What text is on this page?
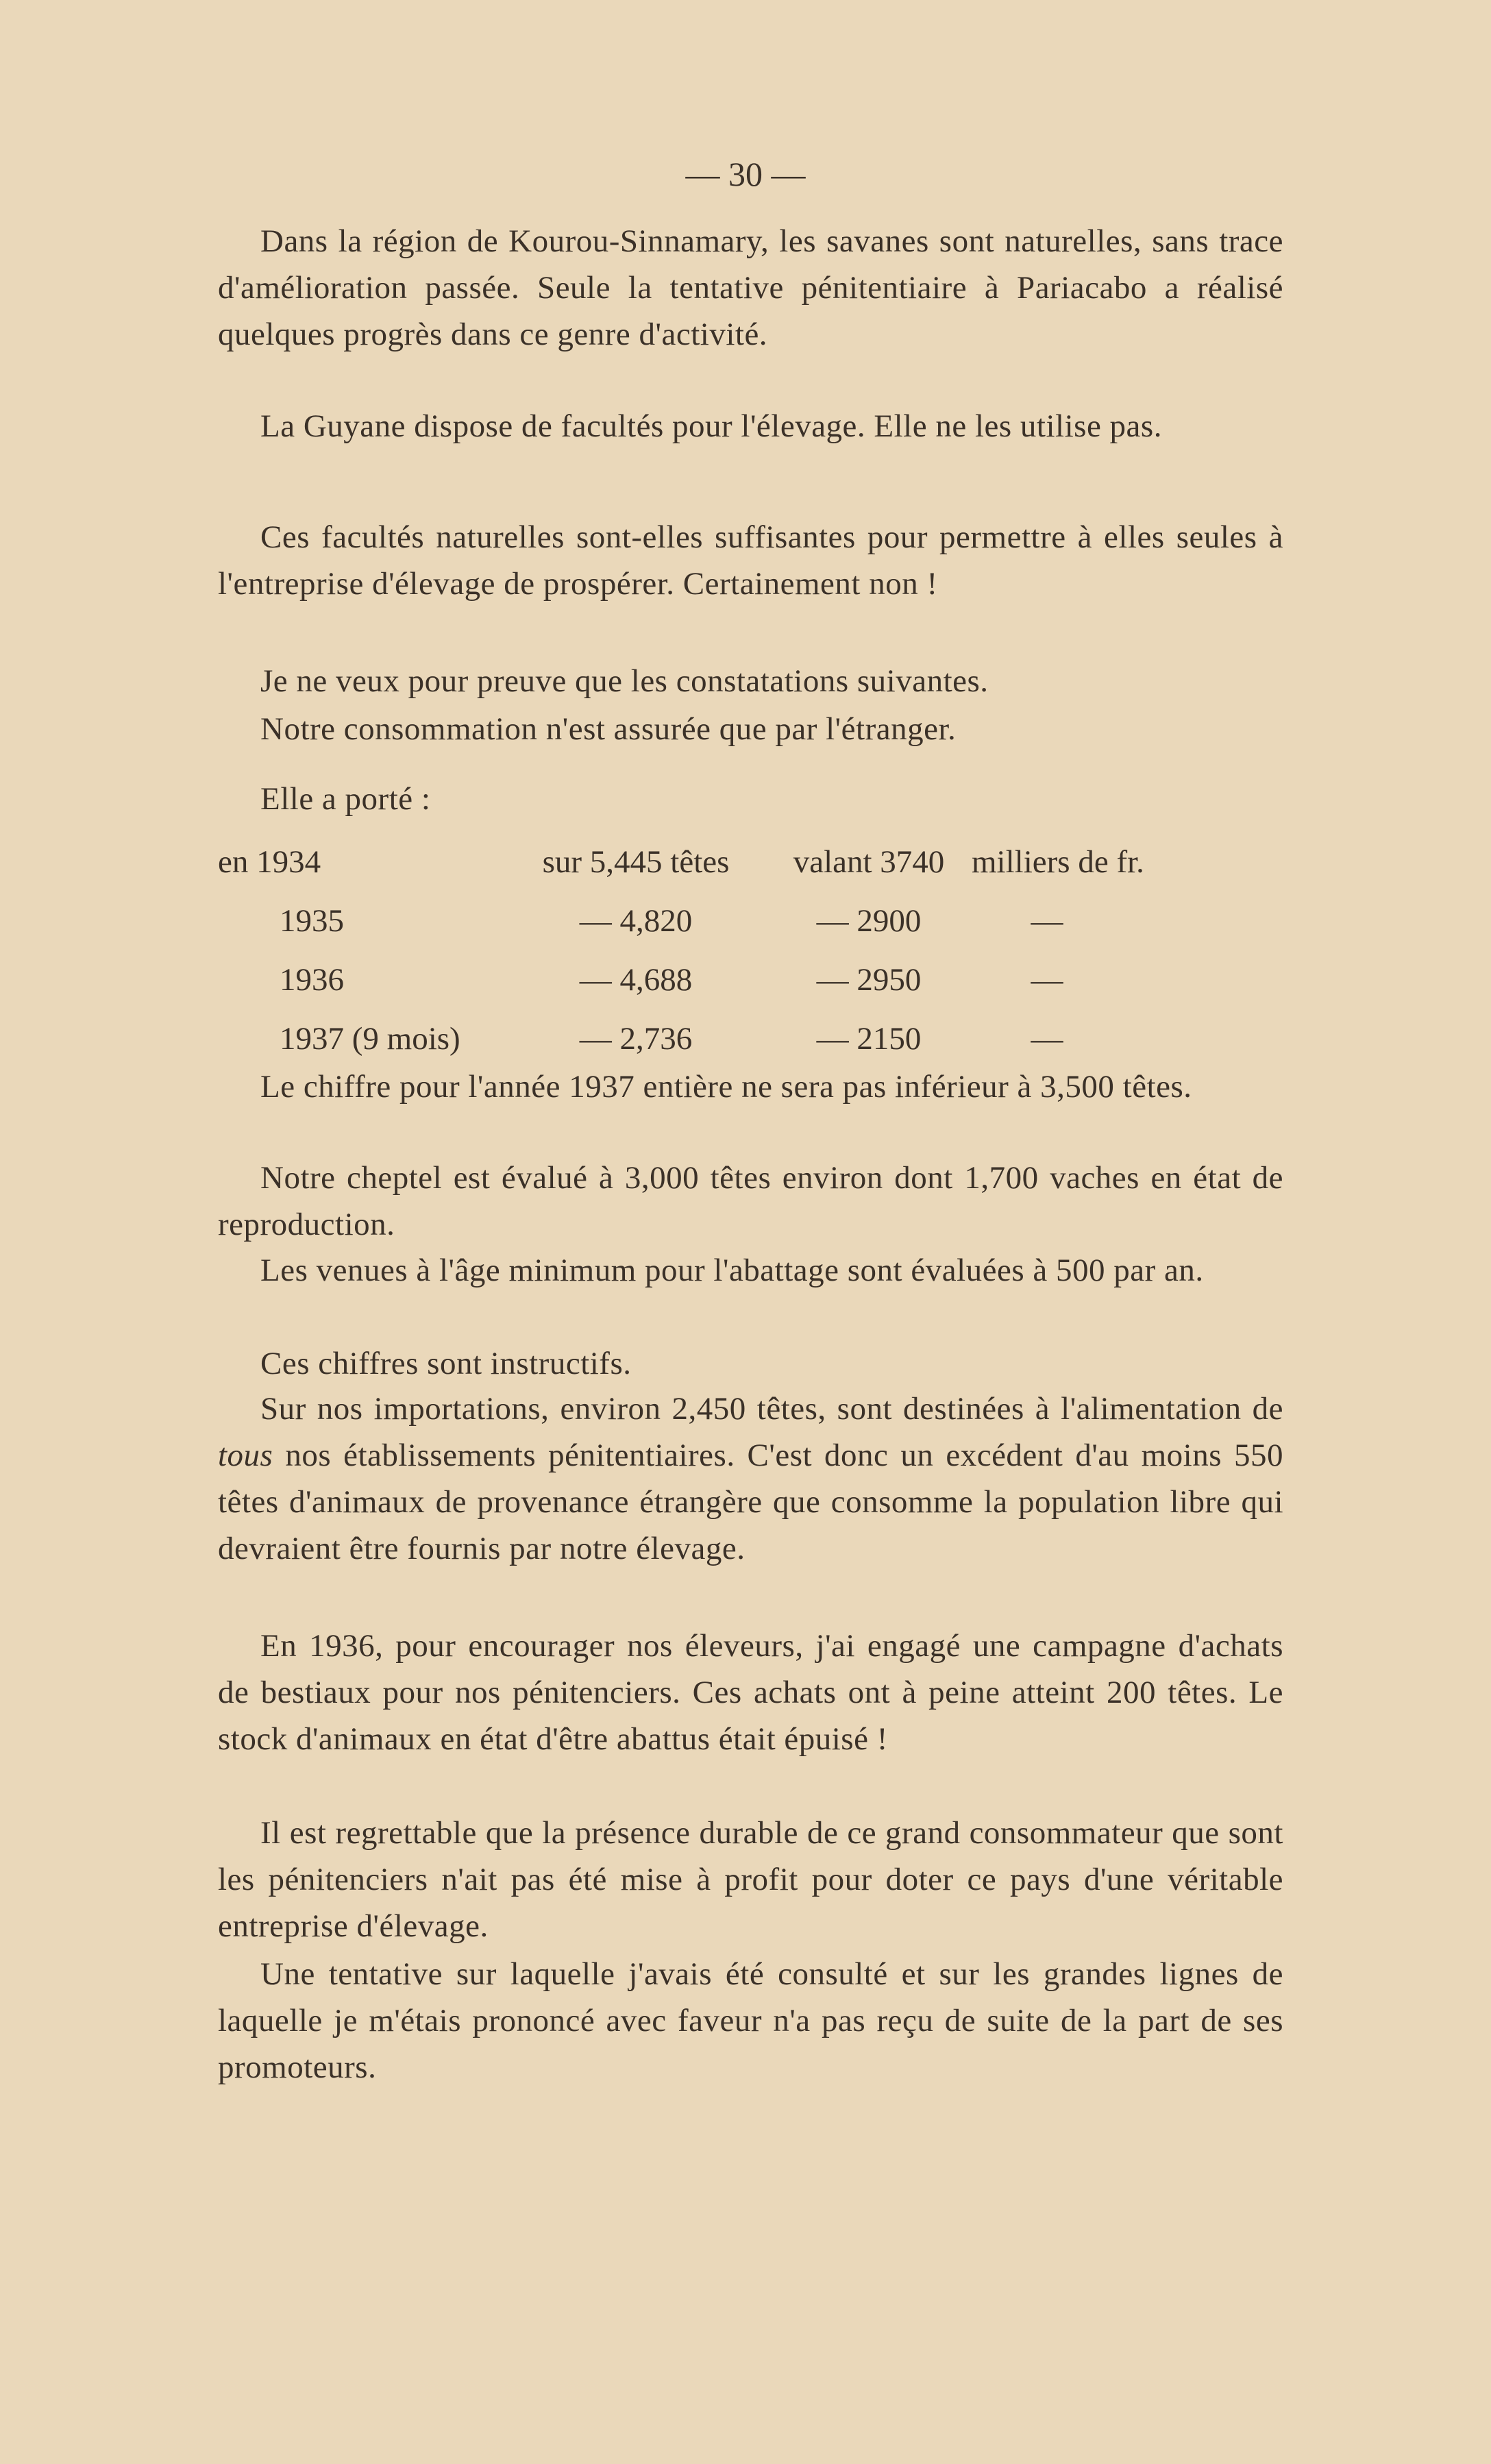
— 30 —

Dans la région de Kourou-Sinnamary, les savanes sont naturelles, sans trace d'amélioration passée. Seule la tentative pénitentiaire à Pariacabo a réalisé quelques progrès dans ce genre d'activité.

La Guyane dispose de facultés pour l'élevage. Elle ne les utilise pas.

Ces facultés naturelles sont-elles suffisantes pour permettre à elles seules à l'entreprise d'élevage de prospérer. Certainement non !

Je ne veux pour preuve que les constatations suivantes.

Notre consommation n'est assurée que par l'étranger.

Elle a porté :

en 1934	sur 5,445 têtes	valant 3740 milliers de fr.
1935	— 4,820	— 2900	—
1936	— 4,688	— 2950	—
1937 (9 mois)	— 2,736	— 2150	—

Le chiffre pour l'année 1937 entière ne sera pas inférieur à 3,500 têtes.

Notre cheptel est évalué à 3,000 têtes environ dont 1,700 vaches en état de reproduction.

Les venues à l'âge minimum pour l'abattage sont évaluées à 500 par an.

Ces chiffres sont instructifs.

Sur nos importations, environ 2,450 têtes, sont destinées à l'alimentation de tous nos établissements pénitentiaires. C'est donc un excédent d'au moins 550 têtes d'animaux de provenance étrangère que consomme la population libre qui devraient être fournis par notre élevage.

En 1936, pour encourager nos éleveurs, j'ai engagé une campagne d'achats de bestiaux pour nos pénitenciers. Ces achats ont à peine atteint 200 têtes. Le stock d'animaux en état d'être abattus était épuisé !

Il est regrettable que la présence durable de ce grand consommateur que sont les pénitenciers n'ait pas été mise à profit pour doter ce pays d'une véritable entreprise d'élevage.

Une tentative sur laquelle j'avais été consulté et sur les grandes lignes de laquelle je m'étais prononcé avec faveur n'a pas reçu de suite de la part de ses promoteurs.
